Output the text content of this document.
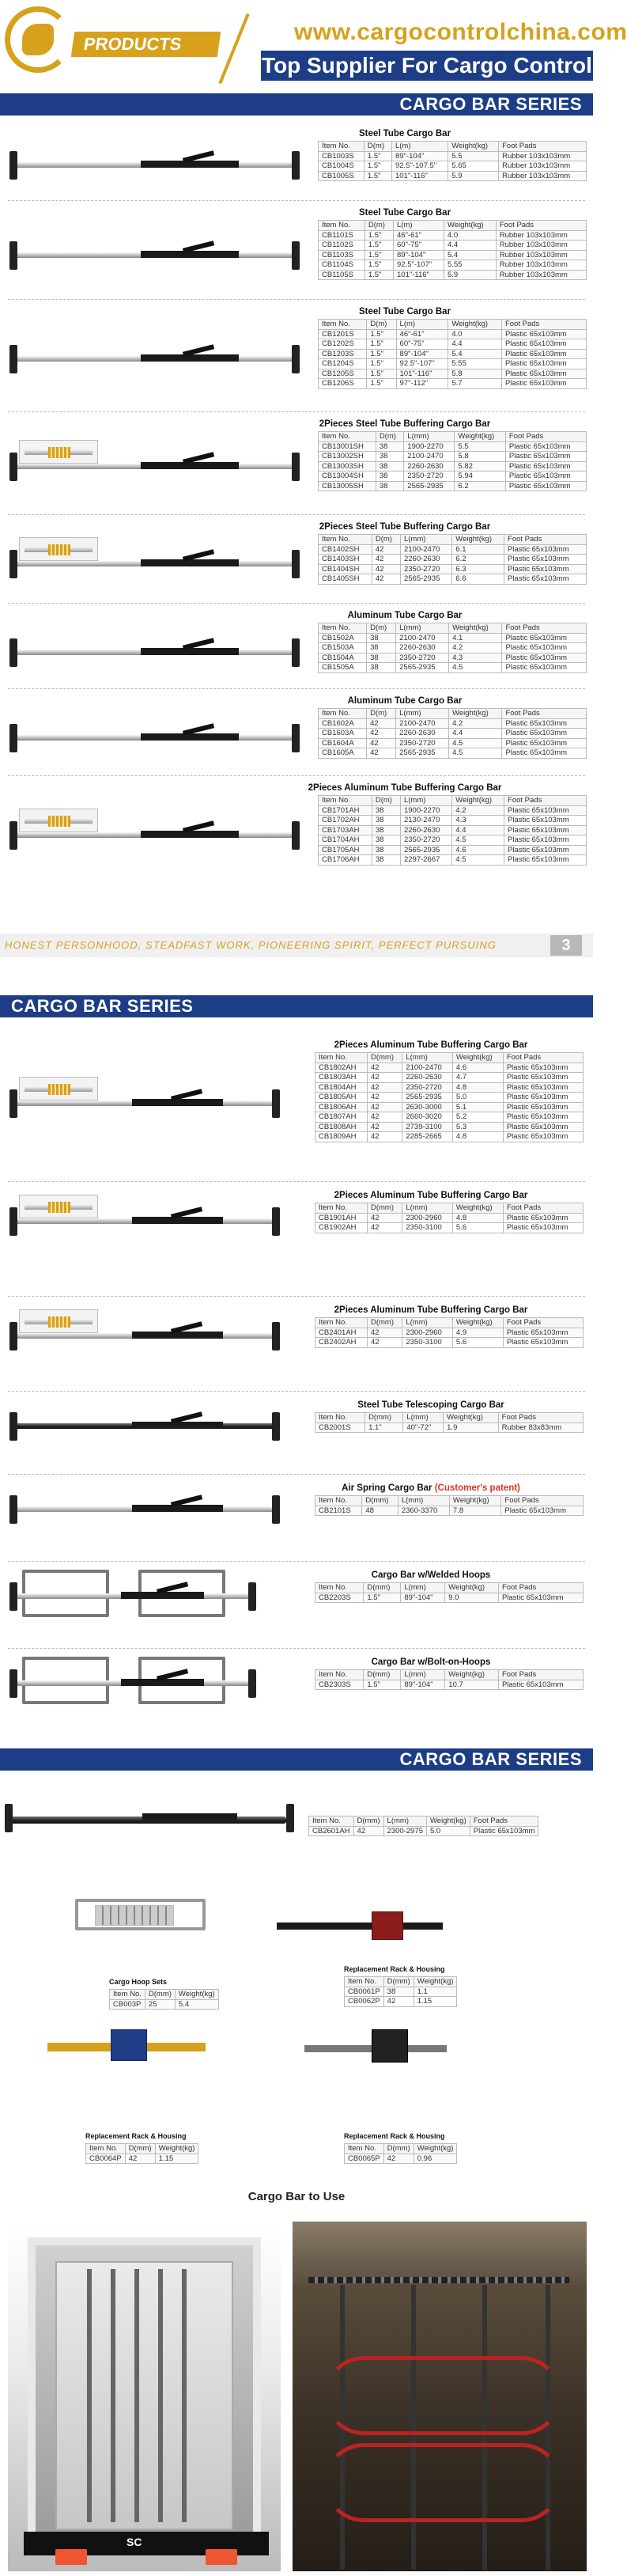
PRODUCTS LIST
www.cargocontrolchina.com
Top Supplier For Cargo Control
CARGO BAR SERIES
CARGO BAR SERIES
CARGO BAR SERIES
Steel Tube Cargo Bar
Item No.	D(m)	L(m)	Weight(kg)	Foot Pads
CB1003S	1.5"	89"-104"	5.5	Rubber 103x103mm
CB1004S	1.5"	92.5"-107.5"	5.65	Rubber 103x103mm
CB1005S	1.5"	101"-116"	5.9	Rubber 103x103mm
Steel Tube Cargo Bar
Item No.	D(m)	L(m)	Weight(kg)	Foot Pads
CB1101S	1.5"	46"-61"	4.0	Rubber 103x103mm
CB1102S	1.5"	60"-75"	4.4	Rubber 103x103mm
CB1103S	1.5"	89"-104"	5.4	Rubber 103x103mm
CB1104S	1.5"	92.5"-107"	5.55	Rubber 103x103mm
CB1105S	1.5"	101"-116"	5.9	Rubber 103x103mm
Steel Tube Cargo Bar
Item No.	D(m)	L(m)	Weight(kg)	Foot Pads
CB1201S	1.5"	46"-61"	4.0	Plastic 65x103mm
CB1202S	1.5"	60"-75"	4.4	Plastic 65x103mm
CB1203S	1.5"	89"-104"	5.4	Plastic 65x103mm
CB1204S	1.5"	92.5"-107"	5.55	Plastic 65x103mm
CB1205S	1.5"	101"-116"	5.8	Plastic 65x103mm
CB1206S	1.5"	97"-112"	5.7	Plastic 65x103mm
2Pieces Steel Tube Buffering Cargo Bar
Item No.	D(m)	L(mm)	Weight(kg)	Foot Pads
CB13001SH	38	1900-2270	5.5	Plastic 65x103mm
CB13002SH	38	2100-2470	5.8	Plastic 65x103mm
CB13003SH	38	2260-2630	5.82	Plastic 65x103mm
CB13004SH	38	2350-2720	5.94	Plastic 65x103mm
CB13005SH	38	2565-2935	6.2	Plastic 65x103mm
2Pieces Steel Tube Buffering Cargo Bar
Item No.	D(m)	L(mm)	Weight(kg)	Foot Pads
CB1402SH	42	2100-2470	6.1	Plastic 65x103mm
CB1403SH	42	2260-2630	6.2	Plastic 65x103mm
CB1404SH	42	2350-2720	6.3	Plastic 65x103mm
CB1405SH	42	2565-2935	6.6	Plastic 65x103mm
Aluminum Tube Cargo Bar
Item No.	D(m)	L(mm)	Weight(kg)	Foot Pads
CB1502A	38	2100-2470	4.1	Plastic 65x103mm
CB1503A	38	2260-2630	4.2	Plastic 65x103mm
CB1504A	38	2350-2720	4.3	Plastic 65x103mm
CB1505A	38	2565-2935	4.5	Plastic 65x103mm
Aluminum Tube Cargo Bar
Item No.	D(m)	L(mm)	Weight(kg)	Foot Pads
CB1602A	42	2100-2470	4.2	Plastic 65x103mm
CB1603A	42	2260-2630	4.4	Plastic 65x103mm
CB1604A	42	2350-2720	4.5	Plastic 65x103mm
CB1605A	42	2565-2935	4.5	Plastic 65x103mm
2Pieces Aluminum Tube Buffering Cargo Bar
Item No.	D(m)	L(mm)	Weight(kg)	Foot Pads
CB1701AH	38	1900-2270	4.2	Plastic 65x103mm
CB1702AH	38	2130-2470	4.3	Plastic 65x103mm
CB1703AH	38	2260-2630	4.4	Plastic 65x103mm
CB1704AH	38	2350-2720	4.5	Plastic 65x103mm
CB1705AH	38	2565-2935	4.6	Plastic 65x103mm
CB1706AH	38	2297-2667	4.5	Plastic 65x103mm
2Pieces Aluminum Tube Buffering Cargo Bar
Item No.	D(mm)	L(mm)	Weight(kg)	Foot Pads
CB1802AH	42	2100-2470	4.6	Plastic 65x103mm
CB1803AH	42	2260-2630	4.7	Plastic 65x103mm
CB1804AH	42	2350-2720	4.8	Plastic 65x103mm
CB1805AH	42	2565-2935	5.0	Plastic 65x103mm
CB1806AH	42	2630-3000	5.1	Plastic 65x103mm
CB1807AH	42	2660-3020	5.2	Plastic 65x103mm
CB1808AH	42	2739-3100	5.3	Plastic 65x103mm
CB1809AH	42	2285-2665	4.8	Plastic 65x103mm
2Pieces Aluminum Tube Buffering Cargo Bar
Item No.	D(mm)	L(mm)	Weight(kg)	Foot Pads
CB1901AH	42	2300-2960	4.8	Plastic 65x103mm
CB1902AH	42	2350-3100	5.6	Plastic 65x103mm
2Pieces Aluminum Tube Buffering Cargo Bar
Item No.	D(mm)	L(mm)	Weight(kg)	Foot Pads
CB2401AH	42	2300-2960	4.9	Plastic 65x103mm
CB2402AH	42	2350-3100	5.6	Plastic 65x103mm
Steel Tube Telescoping Cargo Bar
Item No.	D(mm)	L(mm)	Weight(kg)	Foot Pads
CB2001S	1.1"	40"-72"	1.9	Rubber 83x83mm
Air Spring Cargo Bar (Customer's patent)
Item No.	D(mm)	L(mm)	Weight(kg)	Foot Pads
CB2101S	48	2360-3370	7.8	Plastic 65x103mm
Cargo Bar w/Welded Hoops
Item No.	D(mm)	L(mm)	Weight(kg)	Foot Pads
CB2203S	1.5"	89"-104"	9.0	Plastic 65x103mm
Cargo Bar w/Bolt-on-Hoops
Item No.	D(mm)	L(mm)	Weight(kg)	Foot Pads
CB2303S	1.5"	89"-104"	10.7	Plastic 65x103mm
HONEST PERSONHOOD, STEADFAST WORK, PIONEERING SPIRIT, PERFECT PURSUING	3
Item No.	D(mm)	L(mm)	Weight(kg)	Foot Pads
CB2601AH	42	2300-2975	5.0	Plastic 65x103mm
Cargo Hoop Sets
Item No.	D(mm)	Weight(kg)
CB003P	25	5.4
Replacement Rack & Housing
Item No.	D(mm)	Weight(kg)
CB0061P	38	1.1
CB0062P	42	1.15
Replacement Rack & Housing
Item No.	D(mm)	Weight(kg)
CB0064P	42	1.15
Replacement Rack & Housing
Item No.	D(mm)	Weight(kg)
CB0065P	42	0.96
Cargo Bar to Use
SC
